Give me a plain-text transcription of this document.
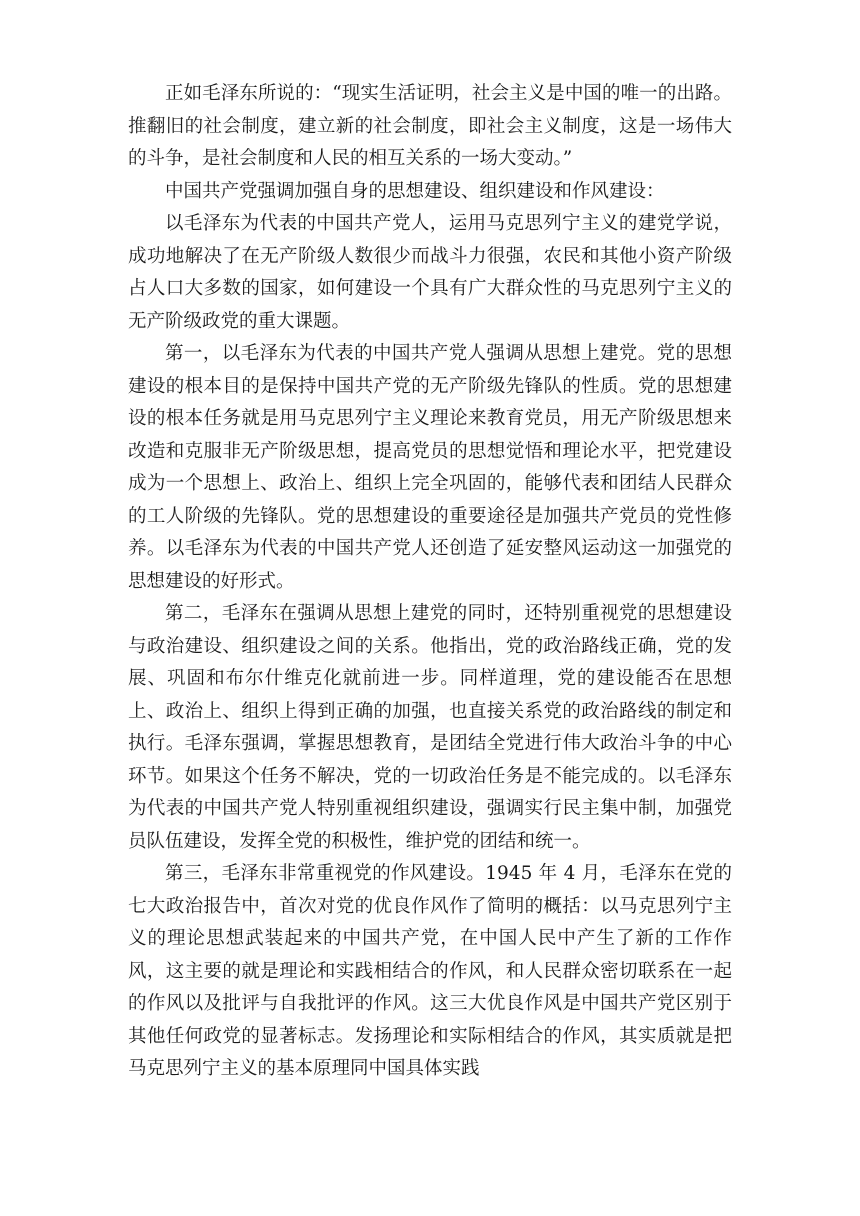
正如毛泽东所说的：“现实生活证明，社会主义是中国的唯一的出路。推翻旧的社会制度，建立新的社会制度，即社会主义制度，这是一场伟大的斗争，是社会制度和人民的相互关系的一场大变动。”

中国共产党强调加强自身的思想建设、组织建设和作风建设：

以毛泽东为代表的中国共产党人，运用马克思列宁主义的建党学说，成功地解决了在无产阶级人数很少而战斗力很强，农民和其他小资产阶级占人口大多数的国家，如何建设一个具有广大群众性的马克思列宁主义的无产阶级政党的重大课题。

第一，以毛泽东为代表的中国共产党人强调从思想上建党。党的思想建设的根本目的是保持中国共产党的无产阶级先锋队的性质。党的思想建设的根本任务就是用马克思列宁主义理论来教育党员，用无产阶级思想来改造和克服非无产阶级思想，提高党员的思想觉悟和理论水平，把党建设成为一个思想上、政治上、组织上完全巩固的，能够代表和团结人民群众的工人阶级的先锋队。党的思想建设的重要途径是加强共产党员的党性修养。以毛泽东为代表的中国共产党人还创造了延安整风运动这一加强党的思想建设的好形式。

第二，毛泽东在强调从思想上建党的同时，还特别重视党的思想建设与政治建设、组织建设之间的关系。他指出，党的政治路线正确，党的发展、巩固和布尔什维克化就前进一步。同样道理，党的建设能否在思想上、政治上、组织上得到正确的加强，也直接关系党的政治路线的制定和执行。毛泽东强调，掌握思想教育，是团结全党进行伟大政治斗争的中心环节。如果这个任务不解决，党的一切政治任务是不能完成的。以毛泽东为代表的中国共产党人特别重视组织建设，强调实行民主集中制，加强党员队伍建设，发挥全党的积极性，维护党的团结和统一。

第三，毛泽东非常重视党的作风建设。1945 年 4 月，毛泽东在党的七大政治报告中，首次对党的优良作风作了简明的概括：以马克思列宁主义的理论思想武装起来的中国共产党，在中国人民中产生了新的工作作风，这主要的就是理论和实践相结合的作风，和人民群众密切联系在一起的作风以及批评与自我批评的作风。这三大优良作风是中国共产党区别于其他任何政党的显著标志。发扬理论和实际相结合的作风，其实质就是把马克思列宁主义的基本原理同中国具体实践
